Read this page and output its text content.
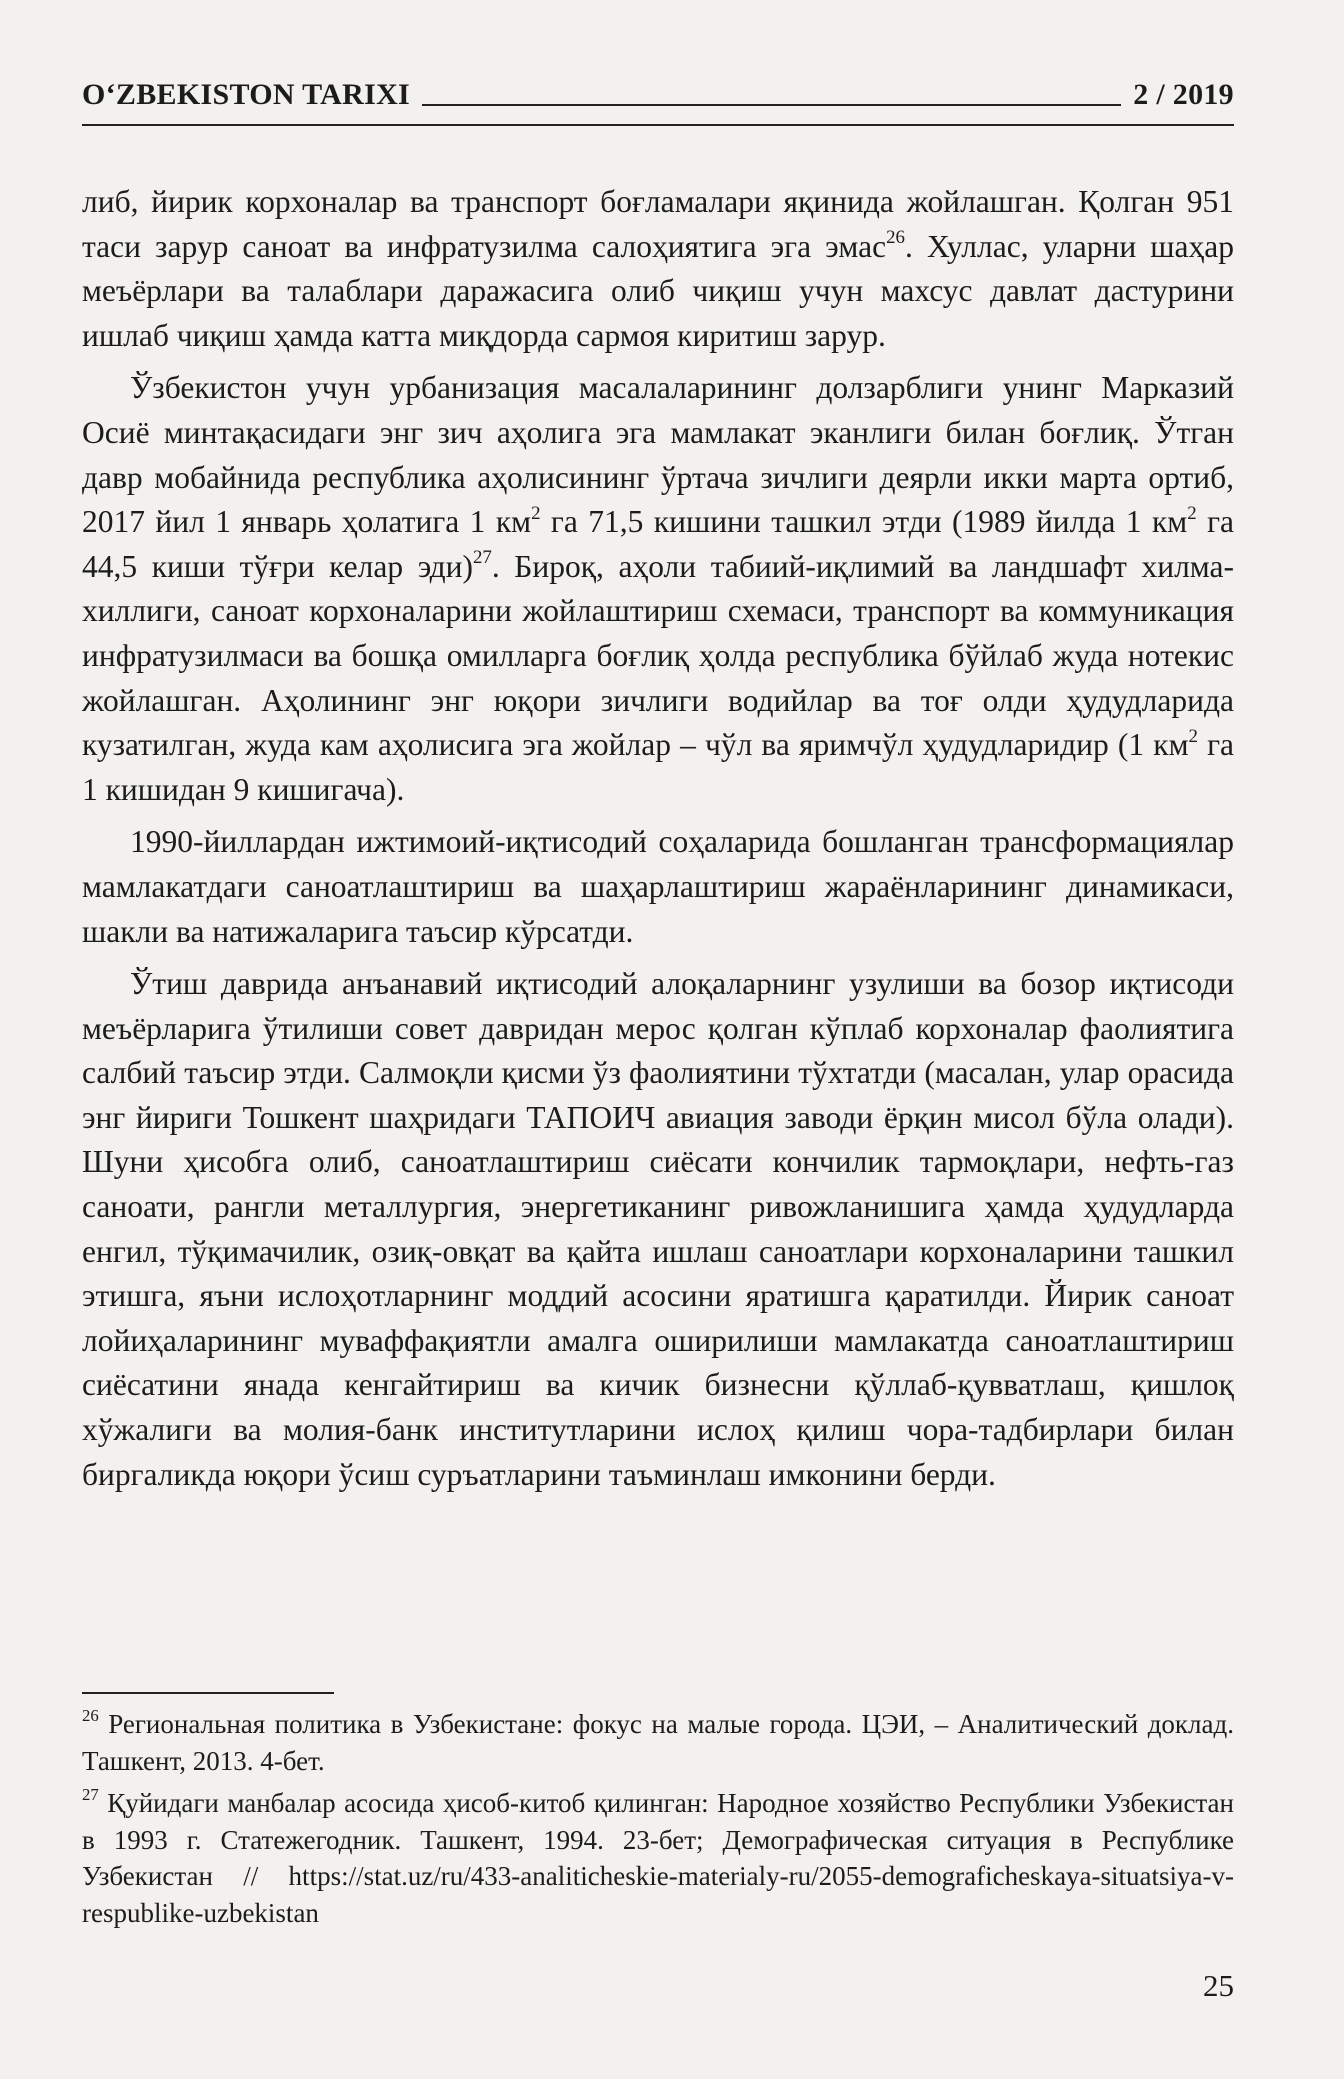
O‘ZBEKISTON TARIXI	2 / 2019

либ, йирик корхоналар ва транспорт боғламалари яқинида жойлашган. Қолган 951 таси зарур саноат ва инфратузилма салоҳиятига эга эмас$^{26}$. Хуллас, уларни шаҳар меъёрлари ва талаблари даражасига олиб чиқиш учун махсус давлат дастурини ишлаб чиқиш ҳамда катта миқдорда сармоя киритиш зарур.

Ўзбекистон учун урбанизация масалаларининг долзарблиги унинг Марказий Осиё минтақасидаги энг зич аҳолига эга мамлакат эканлиги билан боғлиқ. Ўтган давр мобайнида республика аҳолисининг ўртача зичлиги деярли икки марта ортиб, 2017 йил 1 январь ҳолатига 1 $км^2$ га 71,5 кишини ташкил этди (1989 йилда 1 $км^2$ га 44,5 киши тўғри келар эди)$^{27}$. Бироқ, аҳоли табиий-иқлимий ва ландшафт хилма-хиллиги, саноат корхоналарини жойлаштириш схемаси, транспорт ва коммуникация инфратузилмаси ва бошқа омилларга боғлиқ ҳолда республика бўйлаб жуда нотекис жойлашган. Аҳолининг энг юқори зичлиги водийлар ва тоғ олди ҳудудларида кузатилган, жуда кам аҳолисига эга жойлар – чўл ва яримчўл ҳудудларидир (1 $км^2$ га 1 кишидан 9 кишигача).

1990-йиллардан ижтимоий-иқтисодий соҳаларида бошланган трансформациялар мамлакатдаги саноатлаштириш ва шаҳарлаштириш жараёнларининг динамикаси, шакли ва натижаларига таъсир кўрсатди.

Ўтиш даврида анъанавий иқтисодий алоқаларнинг узулиши ва бозор иқтисоди меъёрларига ўтилиши совет давридан мерос қолган кўплаб корхоналар фаолиятига салбий таъсир этди. Салмоқли қисми ўз фаолиятини тўхтатди (масалан, улар орасида энг йириги Тошкент шаҳридаги ТАПОИЧ авиация заводи ёрқин мисол бўла олади). Шуни ҳисобга олиб, саноатлаштириш сиёсати кончилик тармоқлари, нефть-газ саноати, рангли металлургия, энергетиканинг ривожланишига ҳамда ҳудудларда енгил, тўқимачилик, озиқ-овқат ва қайта ишлаш саноатлари корхоналарини ташкил этишга, яъни ислоҳотларнинг моддий асосини яратишга қаратилди. Йирик саноат лойиҳаларининг муваффақиятли амалга оширилиши мамлакатда саноатлаштириш сиёсатини янада кенгайтириш ва кичик бизнесни қўллаб-қувватлаш, қишлоқ хўжалиги ва молия-банк институтларини ислоҳ қилиш чора-тадбирлари билан биргаликда юқори ўсиш суръатларини таъминлаш имконини берди.

$^{26}$ Региональная политика в Узбекистане: фокус на малые города. ЦЭИ, – Аналитический доклад. Ташкент, 2013. 4-бет.

$^{27}$ Қуйидаги манбалар асосида ҳисоб-китоб қилинган: Народное хозяйство Республики Узбекистан в 1993 г. Статежегодник. Ташкент, 1994. 23-бет; Демографическая ситуация в Республике Узбекистан // https://stat.uz/ru/433-analiticheskie-materialy-ru/2055-demograficheskaya-situatsiya-v-respublike-uzbekistan

25
